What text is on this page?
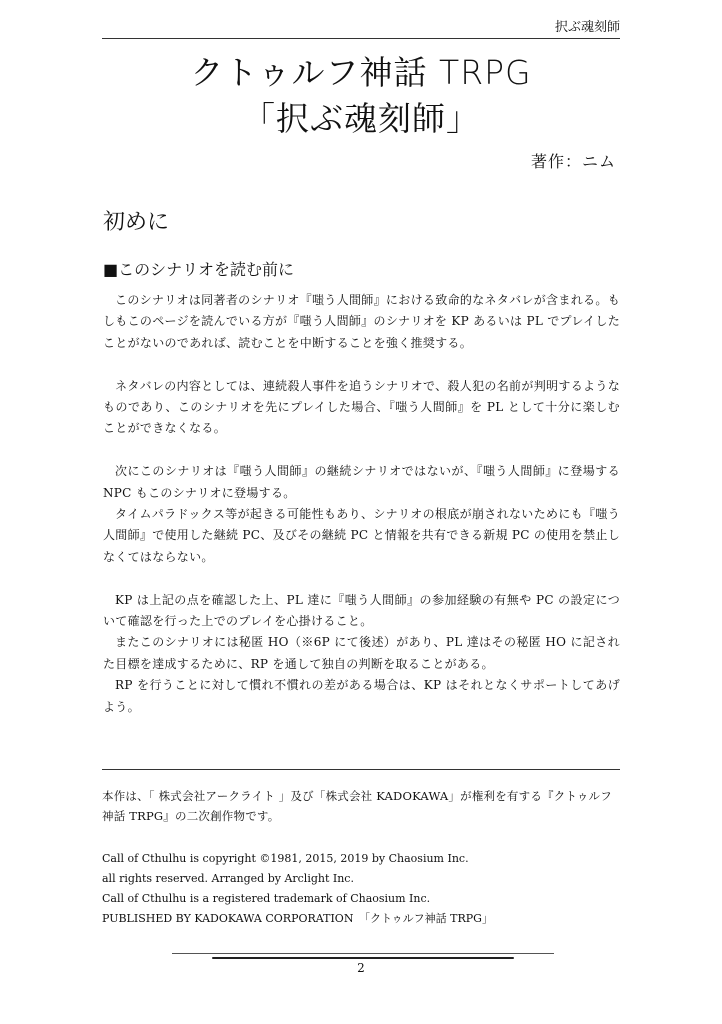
択ぶ魂刻師
クトゥルフ神話 TRPG
「択ぶ魂刻師」
著作：ニム
初めに
■このシナリオを読む前に

このシナリオは同著者のシナリオ『嗤う人間師』における致命的なネタバレが含まれる。もしもこのページを読んでいる方が『嗤う人間師』のシナリオを KP あるいは PL でプレイしたことがないのであれば、読むことを中断することを強く推奨する。

ネタバレの内容としては、連続殺人事件を追うシナリオで、殺人犯の名前が判明するようなものであり、このシナリオを先にプレイした場合、『嗤う人間師』を PL として十分に楽しむことができなくなる。

次にこのシナリオは『嗤う人間師』の継続シナリオではないが、『嗤う人間師』に登場する NPC もこのシナリオに登場する。

タイムパラドックス等が起きる可能性もあり、シナリオの根底が崩されないためにも『嗤う人間師』で使用した継続 PC、及びその継続 PC と情報を共有できる新規 PC の使用を禁止しなくてはならない。

KP は上記の点を確認した上、PL 達に『嗤う人間師』の参加経験の有無や PC の設定について確認を行った上でのプレイを心掛けること。

またこのシナリオには秘匿 HO（※6P にて後述）があり、PL 達はその秘匿 HO に記された目標を達成するために、RP を通して独自の判断を取ることがある。

RP を行うことに対して慣れ不慣れの差がある場合は、KP はそれとなくサポートしてあげよう。

本作は、「 株式会社アークライト 」及び「株式会社 KADOKAWA」が権利を有する『クトゥルフ神話 TRPG』の二次創作物です。

Call of Cthulhu is copyright ©1981, 2015, 2019 by Chaosium Inc.

all rights reserved. Arranged by Arclight Inc.

Call of Cthulhu is a registered trademark of Chaosium Inc.

PUBLISHED BY KADOKAWA CORPORATION　「クトゥルフ神話 TRPG」

2
